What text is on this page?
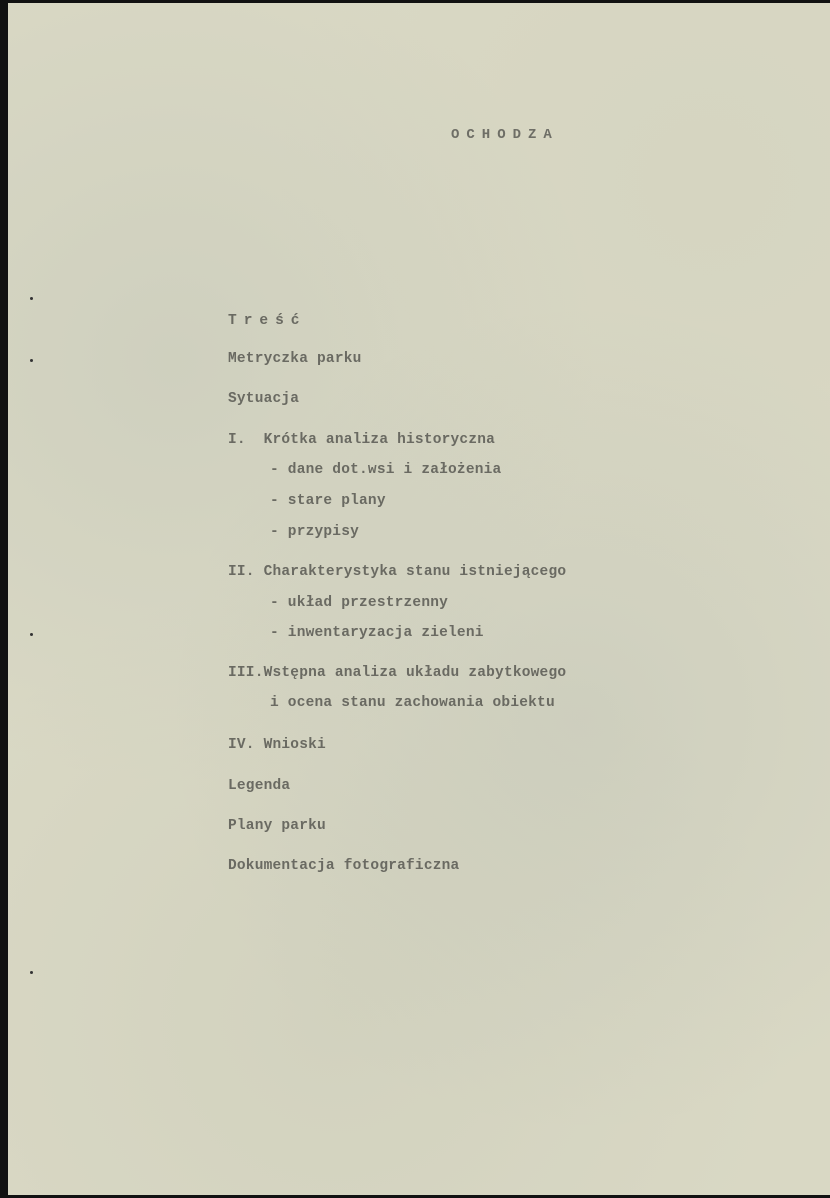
OCHODZA
Treść
Metryczka parku
Sytuacja
I.  Krótka analiza historyczna
- dane dot.wsi i założenia
- stare plany
- przypisy
II. Charakterystyka stanu istniejącego
- układ przestrzenny
- inwentaryzacja zieleni
III.Wstępna analiza układu zabytkowego
i ocena stanu zachowania obiektu
IV. Wnioski
Legenda
Plany parku
Dokumentacja fotograficzna
